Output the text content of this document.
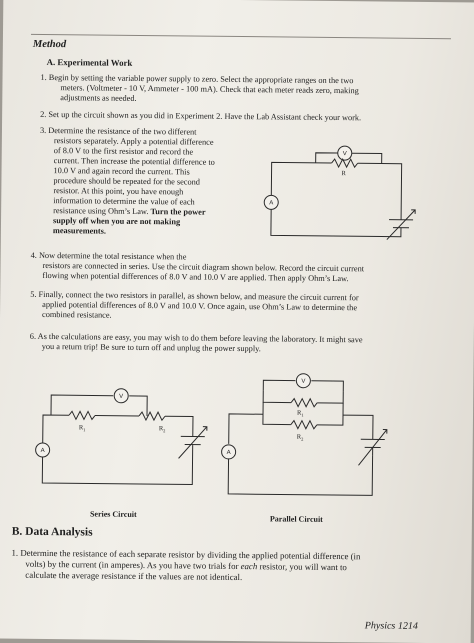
Method
A. Experimental Work
1. Begin by setting the variable power supply to zero. Select the appropriate ranges on the two
meters. (Voltmeter - 10 V, Ammeter - 100 mA). Check that each meter reads zero, making
adjustments as needed.
2. Set up the circuit shown as you did in Experiment 2. Have the Lab Assistant check your work.
3. Determine the resistance of the two different
resistors separately. Apply a potential difference
of 8.0 V to the first resistor and record the
current. Then increase the potential difference to
10.0 V and again record the current. This
procedure should be repeated for the second
resistor. At this point, you have enough
information to determine the value of each
resistance using Ohm’s Law. Turn the power
supply off when you are not making
measurements.
V
R
A
4. Now determine the total resistance when the
resistors are connected in series. Use the circuit diagram shown below. Record the circuit current
flowing when potential differences of 8.0 V and 10.0 V are applied. Then apply Ohm’s Law.
5. Finally, connect the two resistors in parallel, as shown below, and measure the circuit current for
applied potential differences of 8.0 V and 10.0 V. Once again, use Ohm’s Law to determine the
combined resistance.
6. As the calculations are easy, you may wish to do them before leaving the laboratory. It might save
you a return trip! Be sure to turn off and unplug the power supply.
V
$R_1$	$R_2$
A
Series Circuit
V
$R_1$
$R_2$
A
Parallel Circuit
B. Data Analysis
1. Determine the resistance of each separate resistor by dividing the applied potential difference (in
volts) by the current (in amperes). As you have two trials for each resistor, you will want to
calculate the average resistance if the values are not identical.
Physics 1214
